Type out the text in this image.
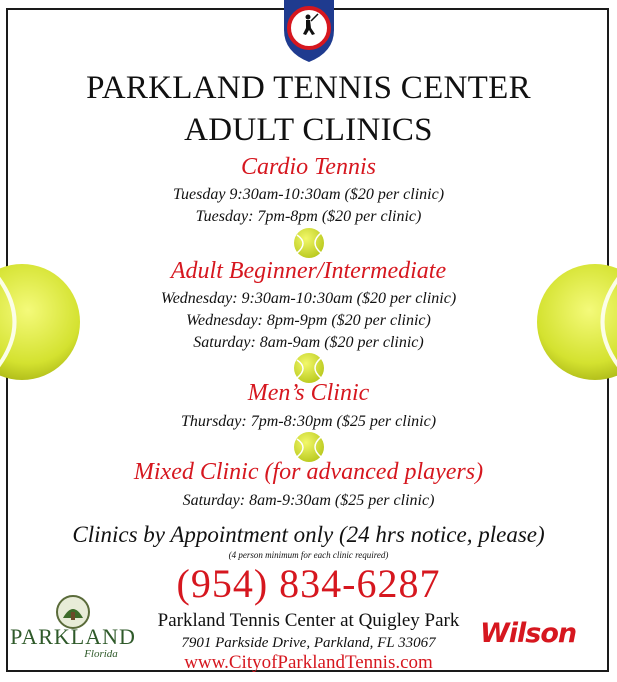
PARKLAND TENNIS CENTER
ADULT CLINICS
Cardio Tennis
Tuesday 9:30am-10:30am ($20 per clinic)
Tuesday: 7pm-8pm ($20 per clinic)
Adult Beginner/Intermediate
Wednesday: 9:30am-10:30am ($20 per clinic)
Wednesday: 8pm-9pm ($20 per clinic)
Saturday: 8am-9am ($20 per clinic)
Men’s Clinic
Thursday: 7pm-8:30pm ($25 per clinic)
Mixed Clinic (for advanced players)
Saturday: 8am-9:30am ($25 per clinic)
Clinics by Appointment only (24 hrs notice, please)
(4 person minimum for each clinic required)
(954) 834-6287
Parkland Tennis Center at Quigley Park
7901 Parkside Drive, Parkland, FL 33067
www.CityofParklandTennis.com
PARKLAND
Florida
Wilson
